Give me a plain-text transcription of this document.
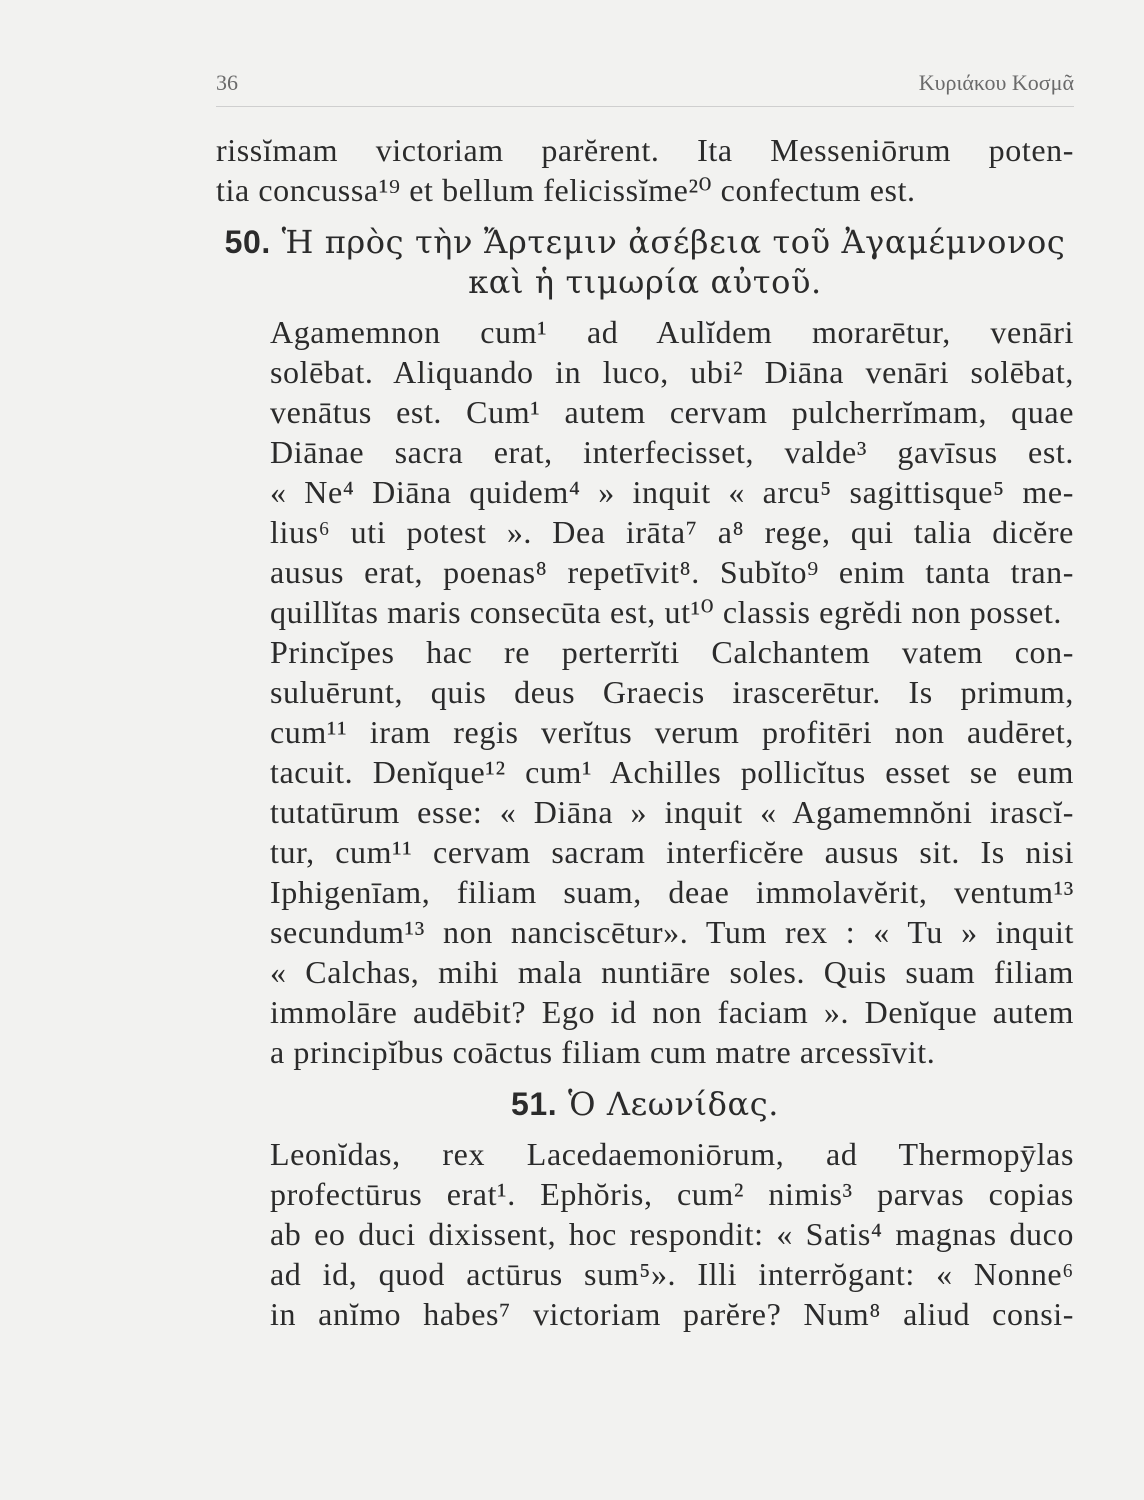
36	Κυριάκου Κοσμᾶ

rissĭmam victoriam parĕrent. Ita Messeniōrum poten-
tia concussa¹⁹ et bellum felicissĭme²⁰ confectum est.

50. Ἡ πρὸς τὴν Ἄρτεμιν ἀσέβεια τοῦ Ἀγαμέμνονος
καὶ ἡ τιμωρία αὐτοῦ.

Agamemnon cum¹ ad Aulĭdem morarētur, venāri
solēbat. Aliquando in luco, ubi² Diāna venāri solēbat,
venātus est. Cum¹ autem cervam pulcherrĭmam, quae
Diānae sacra erat, interfecisset, valde³ gavīsus est.
« Ne⁴ Diāna quidem⁴ » inquit « arcu⁵ sagittisque⁵ me-
lius⁶ uti potest ». Dea irāta⁷ a⁸ rege, qui talia dicĕre
ausus erat, poenas⁸ repetīvit⁸. Subĭto⁹ enim tanta tran-
quillĭtas maris consecūta est, ut¹⁰ classis egrĕdi non posset.

Princĭpes hac re perterrĭti Calchantem vatem con-
suluērunt, quis deus Graecis irascerētur. Is primum,
cum¹¹ iram regis verĭtus verum profitēri non audēret,
tacuit. Denĭque¹² cum¹ Achilles pollicĭtus esset se eum
tutatūrum esse: « Diāna » inquit « Agamemnŏni irascĭ-
tur, cum¹¹ cervam sacram interficĕre ausus sit. Is nisi
Iphigenīam, filiam suam, deae immolavĕrit, ventum¹³
secundum¹³ non nanciscētur». Tum rex : « Tu » inquit
« Calchas, mihi mala nuntiāre soles. Quis suam filiam
immolāre audēbit? Ego id non faciam ». Denĭque autem
a principĭbus coāctus filiam cum matre arcessīvit.

51. Ὁ Λεωνίδας.

Leonĭdas, rex Lacedaemoniōrum, ad Thermopȳlas
profectūrus erat¹. Ephŏris, cum² nimis³ parvas copias
ab eo duci dixissent, hoc respondit: « Satis⁴ magnas duco
ad id, quod actūrus sum⁵». Illi interrŏgant: « Nonne⁶
in anĭmo habes⁷ victoriam parĕre? Num⁸ aliud consi-
